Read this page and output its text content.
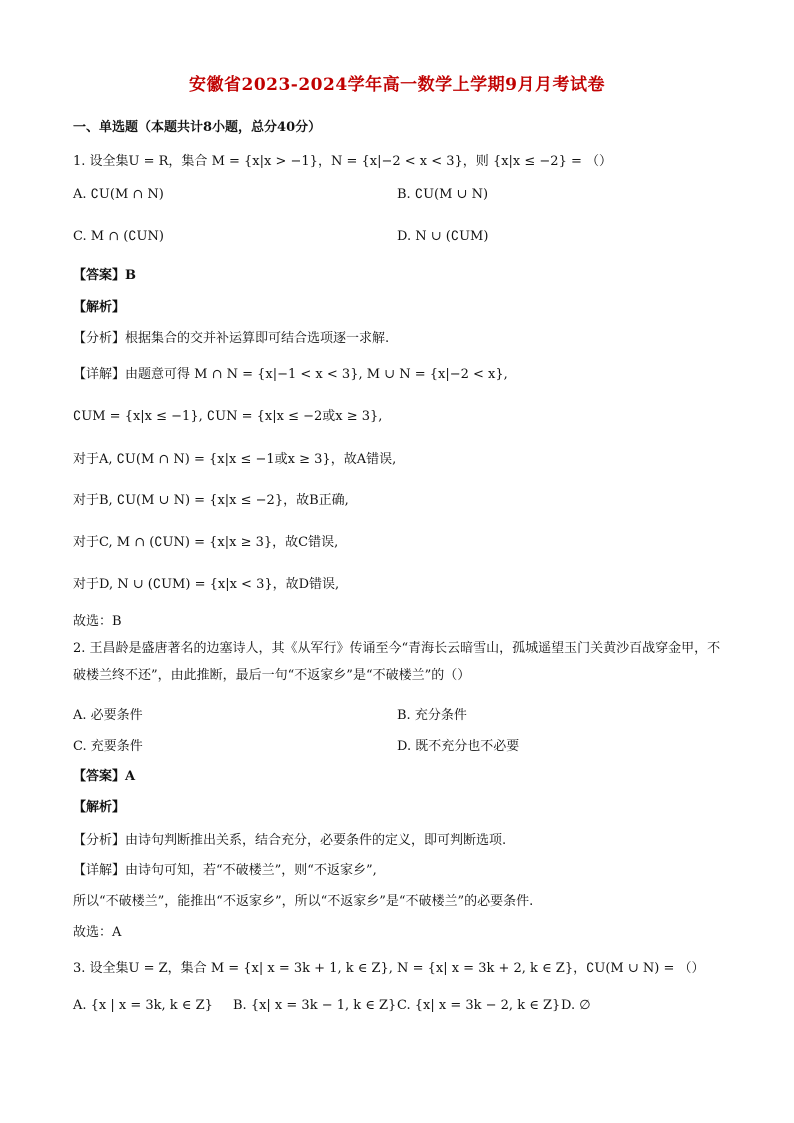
安徽省2023-2024学年高一数学上学期9月月考试卷
一、单选题（本题共计8小题，总分40分）
1. 设全集U = R，集合 M = {x|x > −1}，N = {x|−2 < x < 3}，则 {x|x ≤ −2} = （）
A. ∁U(M ∩ N)	B. ∁U(M ∪ N)
C. M ∩ (∁UN)	D. N ∪ (∁UM)
【答案】B
【解析】
【分析】根据集合的交并补运算即可结合选项逐一求解.
【详解】由题意可得 M ∩ N = {x|−1 < x < 3}, M ∪ N = {x|−2 < x},
∁UM = {x|x ≤ −1}, ∁UN = {x|x ≤ −2或x ≥ 3},
对于A, ∁U(M ∩ N) = {x|x ≤ −1或x ≥ 3}，故A错误,
对于B, ∁U(M ∪ N) = {x|x ≤ −2}，故B正确,
对于C, M ∩ (∁UN) = {x|x ≥ 3}，故C错误,
对于D, N ∪ (∁UM) = {x|x < 3}，故D错误,
故选：B
2. 王昌龄是盛唐著名的边塞诗人，其《从军行》传诵至今“青海长云暗雪山，孤城遥望玉门关黄沙百战穿金甲，不破楼兰终不还”，由此推断，最后一句“不返家乡”是“不破楼兰”的（）
A. 必要条件	B. 充分条件
C. 充要条件	D. 既不充分也不必要
【答案】A
【解析】
【分析】由诗句判断推出关系，结合充分，必要条件的定义，即可判断选项.
【详解】由诗句可知，若“不破楼兰”，则“不返家乡”,
所以“不破楼兰”，能推出“不返家乡”，所以“不返家乡”是“不破楼兰”的必要条件.
故选：A
3. 设全集U = Z，集合 M = {x| x = 3k + 1, k ∈ Z}, N = {x| x = 3k + 2, k ∈ Z}，∁U(M ∪ N) = （）
A. {x | x = 3k, k ∈ Z} B. {x| x = 3k − 1, k ∈ Z} C. {x| x = 3k − 2, k ∈ Z} D. ∅
